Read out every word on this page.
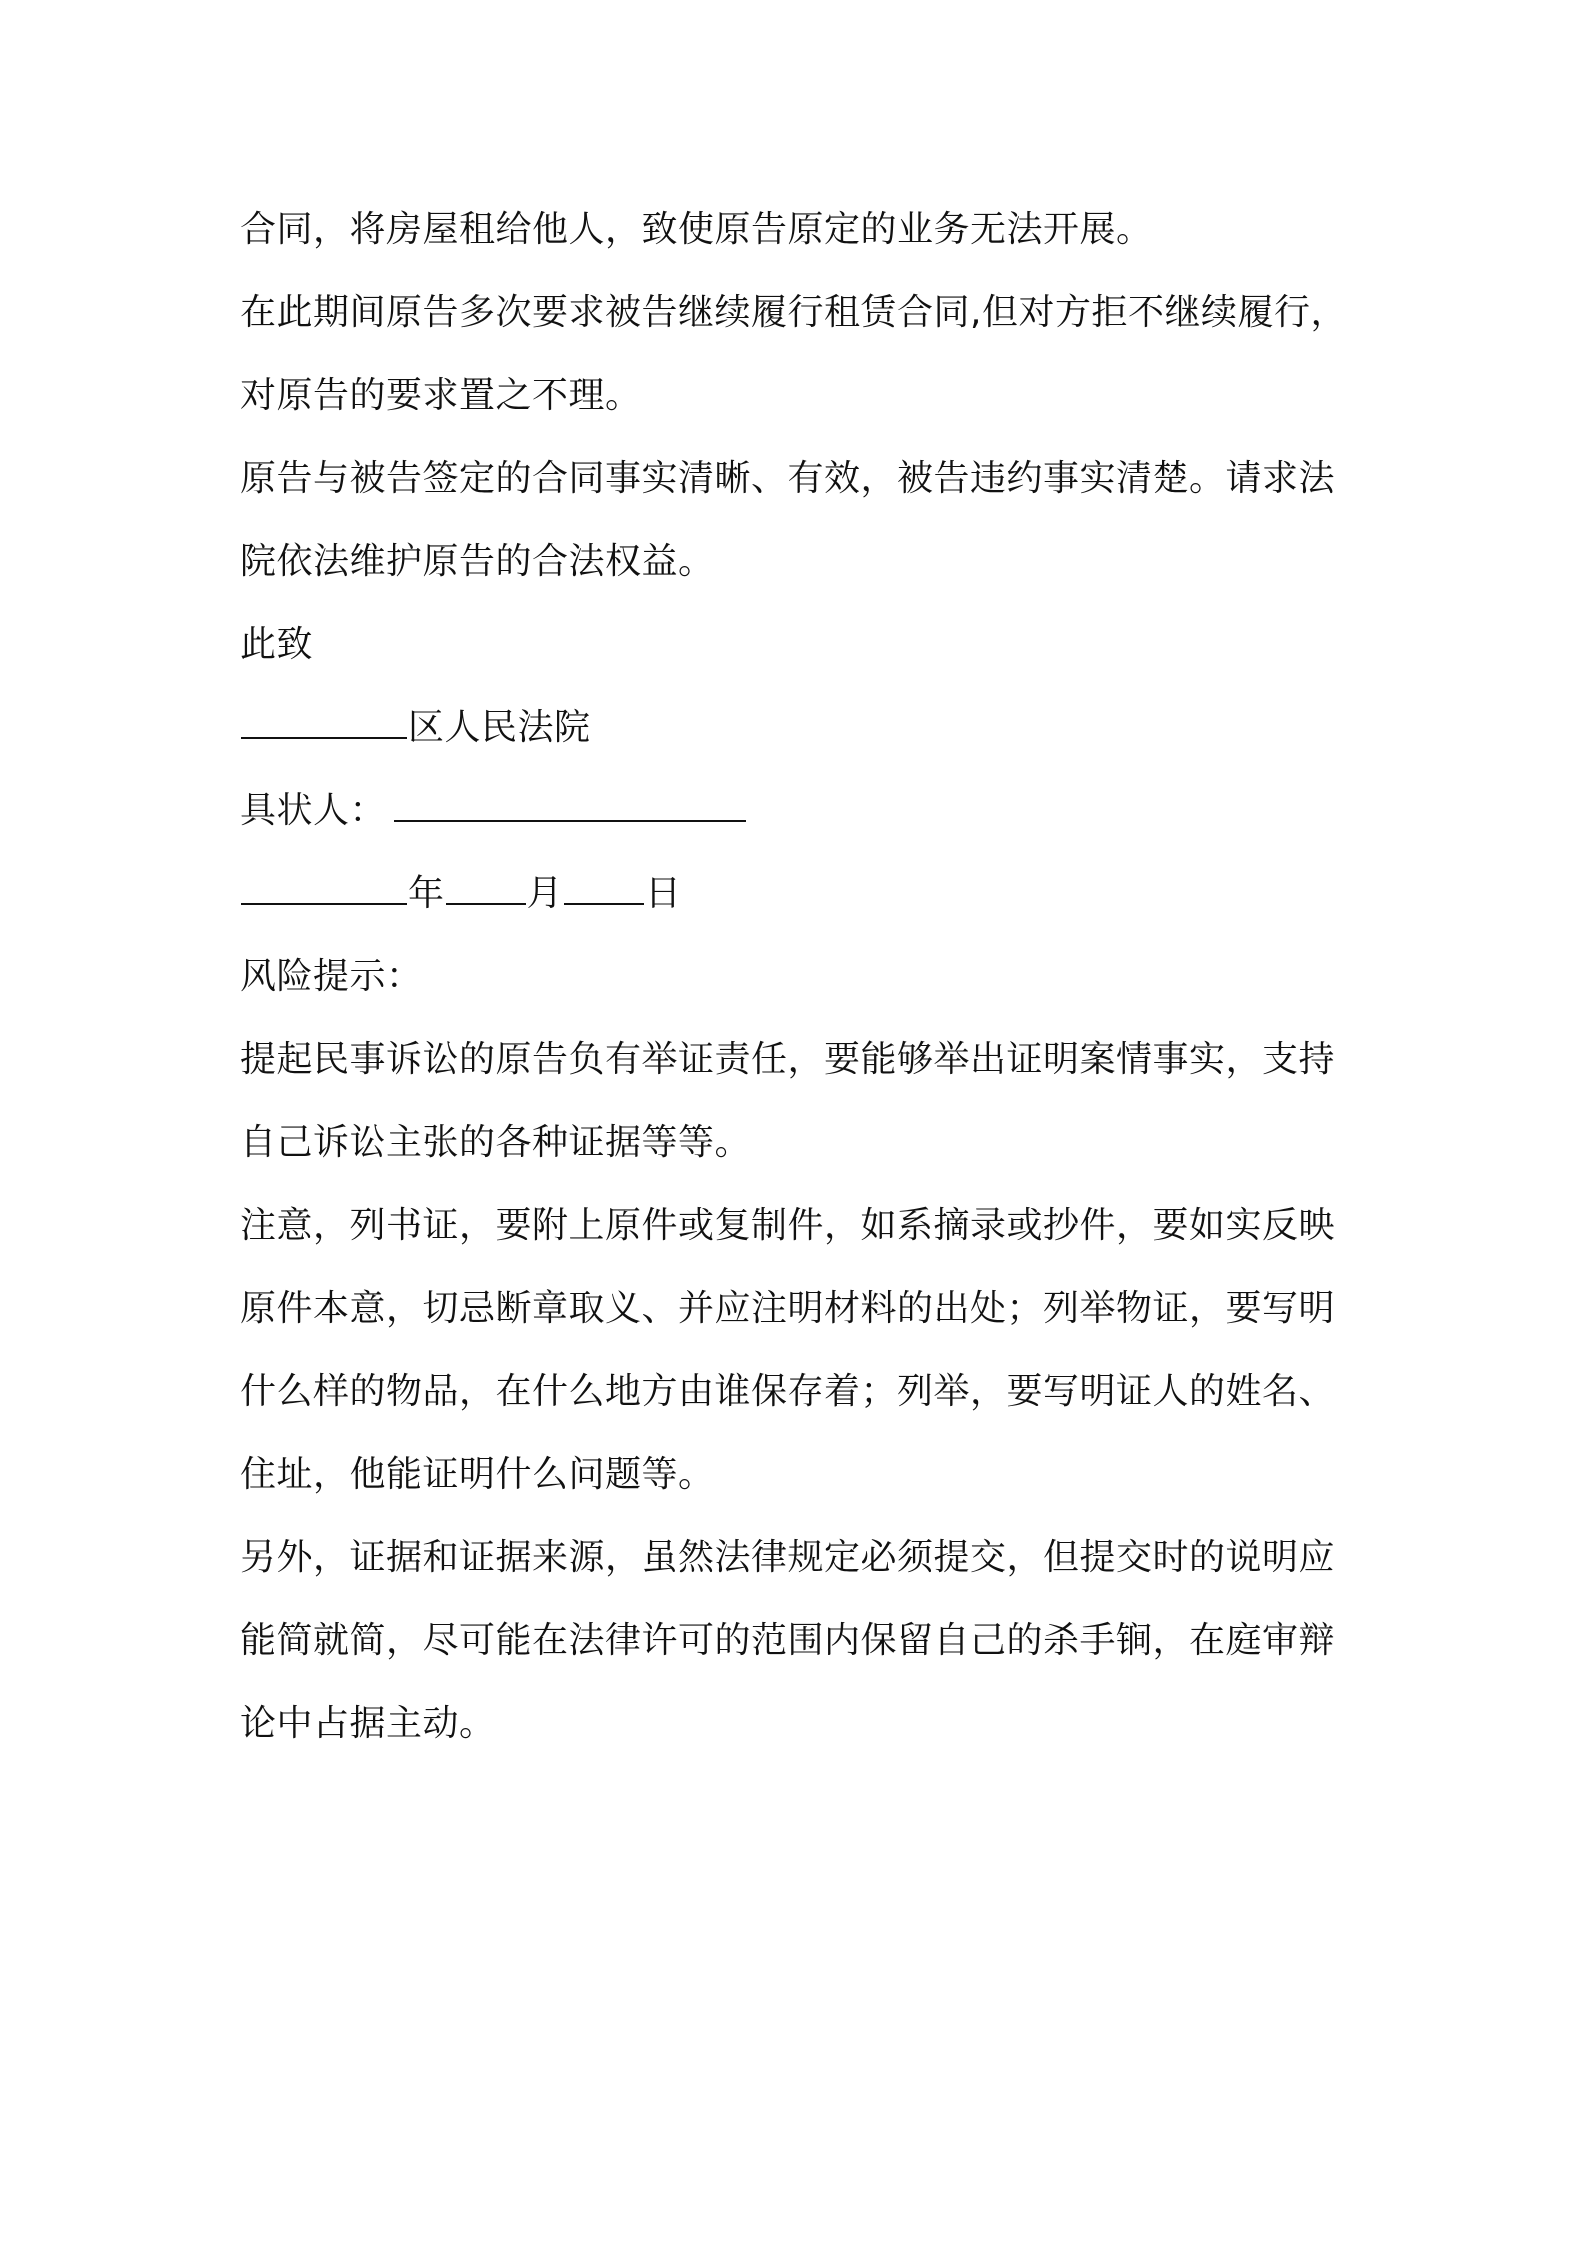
合同，将房屋租给他人，致使原告原定的业务无法开展。
在此期间原告多次要求被告继续履行租赁合同,但对方拒不继续履行，
对原告的要求置之不理。
原告与被告签定的合同事实清晰、有效，被告违约事实清楚。请求法
院依法维护原告的合法权益。
此致
区人民法院
具状人：
年 月 日
风险提示：
提起民事诉讼的原告负有举证责任，要能够举出证明案情事实，支持
自己诉讼主张的各种证据等等。
注意，列书证，要附上原件或复制件，如系摘录或抄件，要如实反映
原件本意，切忌断章取义、并应注明材料的出处；列举物证，要写明
什么样的物品，在什么地方由谁保存着；列举，要写明证人的姓名、
住址，他能证明什么问题等。
另外，证据和证据来源，虽然法律规定必须提交，但提交时的说明应
能简就简，尽可能在法律许可的范围内保留自己的杀手锏，在庭审辩
论中占据主动。
